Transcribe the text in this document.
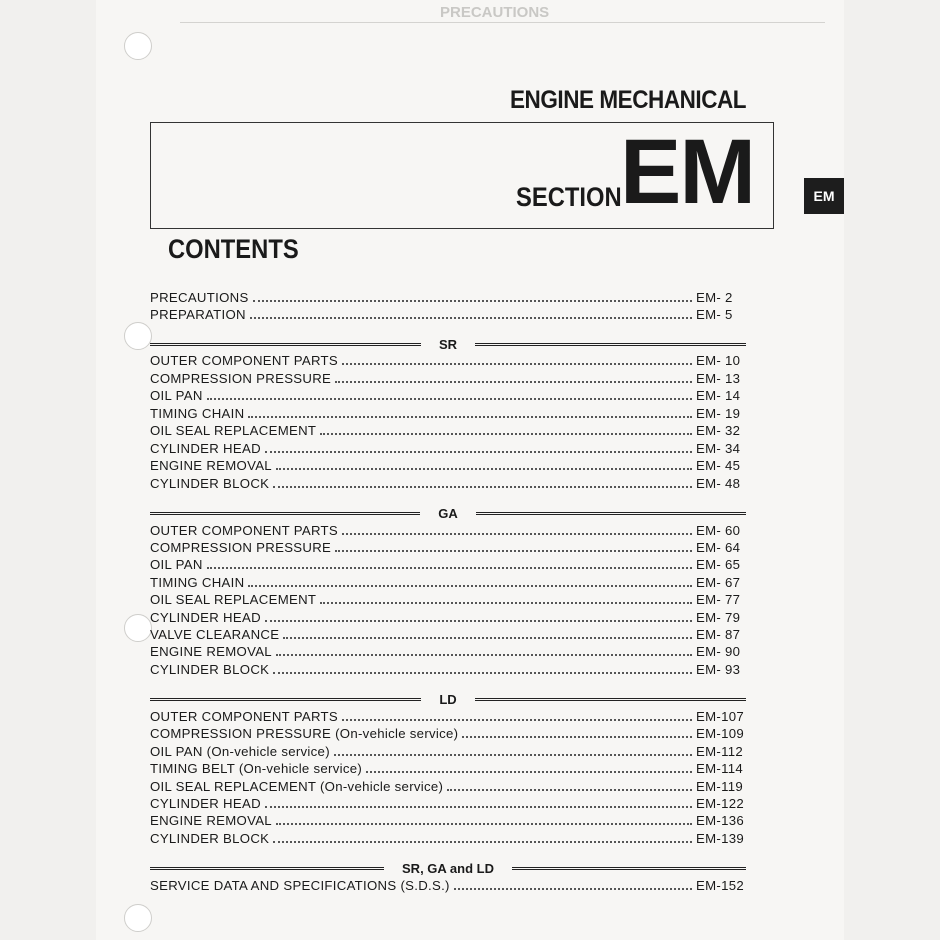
PRECAUTIONS
ENGINE MECHANICAL
SECTION
EM	EM
CONTENTS
PRECAUTIONS	EM- 2
PREPARATION	EM- 5
SR
OUTER COMPONENT PARTS	EM- 10
COMPRESSION PRESSURE	EM- 13
OIL PAN	EM- 14
TIMING CHAIN	EM- 19
OIL SEAL REPLACEMENT	EM- 32
CYLINDER HEAD	EM- 34
ENGINE REMOVAL	EM- 45
CYLINDER BLOCK	EM- 48
GA
OUTER COMPONENT PARTS	EM- 60
COMPRESSION PRESSURE	EM- 64
OIL PAN	EM- 65
TIMING CHAIN	EM- 67
OIL SEAL REPLACEMENT	EM- 77
CYLINDER HEAD	EM- 79
VALVE CLEARANCE	EM- 87
ENGINE REMOVAL	EM- 90
CYLINDER BLOCK	EM- 93
LD
OUTER COMPONENT PARTS	EM-107
COMPRESSION PRESSURE (On-vehicle service)	EM-109
OIL PAN (On-vehicle service)	EM-112
TIMING BELT (On-vehicle service)	EM-114
OIL SEAL REPLACEMENT (On-vehicle service)	EM-119
CYLINDER HEAD	EM-122
ENGINE REMOVAL	EM-136
CYLINDER BLOCK	EM-139
SR, GA and LD
SERVICE DATA AND SPECIFICATIONS (S.D.S.)	EM-152
